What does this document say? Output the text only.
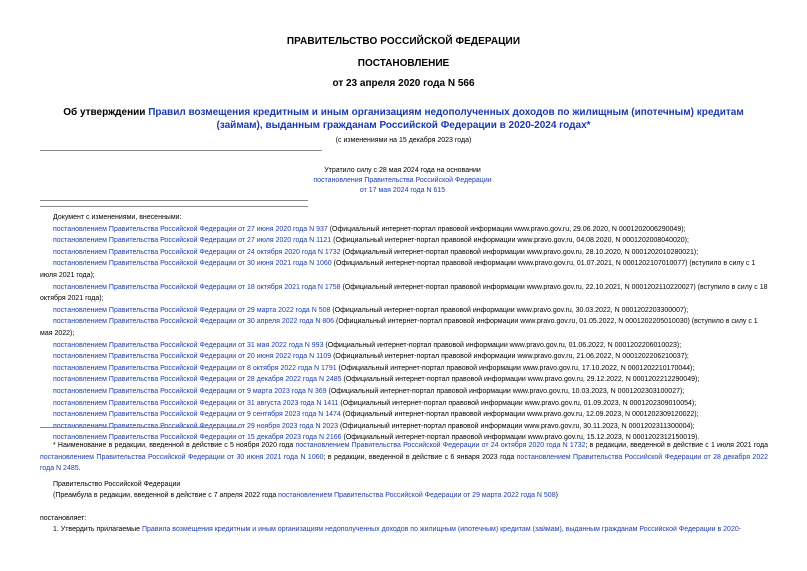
ПРАВИТЕЛЬСТВО РОССИЙСКОЙ ФЕДЕРАЦИИ
ПОСТАНОВЛЕНИЕ
от 23 апреля 2020 года N 566
Об утверждении Правил возмещения кредитным и иным организациям недополученных доходов по жилищным (ипотечным) кредитам (займам), выданным гражданам Российской Федерации в 2020-2024 годах*
(с изменениями на 15 декабря 2023 года)
Утратило силу с 28 мая 2024 года на основании
постановления Правительства Российской Федерации
от 17 мая 2024 года N 615
Документ с изменениями, внесенными:
постановлением Правительства Российской Федерации от 27 июня 2020 года N 937 (Официальный интернет-портал правовой информации www.pravo.gov.ru, 29.06.2020, N 0001202006290049);
постановлением Правительства Российской Федерации от 27 июля 2020 года N 1121 (Официальный интернет-портал правовой информации www.pravo.gov.ru, 04.08.2020, N 0001202008040020);
постановлением Правительства Российской Федерации от 24 октября 2020 года N 1732 (Официальный интернет-портал правовой информации www.pravo.gov.ru, 28.10.2020, N 0001202010280021);
постановлением Правительства Российской Федерации от 30 июня 2021 года N 1060 (Официальный интернет-портал правовой информации www.pravo.gov.ru, 01.07.2021, N 0001202107010077) (вступило в силу с 1 июля 2021 года);
постановлением Правительства Российской Федерации от 18 октября 2021 года N 1758 (Официальный интернет-портал правовой информации www.pravo.gov.ru, 22.10.2021, N 0001202110220027) (вступило в силу с 18 октября 2021 года);
постановлением Правительства Российской Федерации от 29 марта 2022 года N 508 (Официальный интернет-портал правовой информации www.pravo.gov.ru, 30.03.2022, N 0001202203300007);
постановлением Правительства Российской Федерации от 30 апреля 2022 года N 806 (Официальный интернет-портал правовой информации www.pravo.gov.ru, 01.05.2022, N 0001202205010030) (вступило в силу с 1 мая 2022);
постановлением Правительства Российской Федерации от 31 мая 2022 года N 993 (Официальный интернет-портал правовой информации www.pravo.gov.ru, 01.06.2022, N 0001202206010023);
постановлением Правительства Российской Федерации от 20 июня 2022 года N 1109 (Официальный интернет-портал правовой информации www.pravo.gov.ru, 21.06.2022, N 0001202206210037);
постановлением Правительства Российской Федерации от 8 октября 2022 года N 1791 (Официальный интернет-портал правовой информации www.pravo.gov.ru, 17.10.2022, N 0001202210170044);
постановлением Правительства Российской Федерации от 28 декабря 2022 года N 2485 (Официальный интернет-портал правовой информации www.pravo.gov.ru, 29.12.2022, N 0001202212290049);
постановлением Правительства Российской Федерации от 9 марта 2023 года N 369 (Официальный интернет-портал правовой информации www.pravo.gov.ru, 10.03.2023, N 0001202303100027);
постановлением Правительства Российской Федерации от 31 августа 2023 года N 1411 (Официальный интернет-портал правовой информации www.pravo.gov.ru, 01.09.2023, N 0001202309010054);
постановлением Правительства Российской Федерации от 9 сентября 2023 года N 1474 (Официальный интернет-портал правовой информации www.pravo.gov.ru, 12.09.2023, N 0001202309120022);
постановлением Правительства Российской Федерации от 29 ноября 2023 года N 2023 (Официальный интернет-портал правовой информации www.pravo.gov.ru, 30.11.2023, N 0001202311300004);
постановлением Правительства Российской Федерации от 15 декабря 2023 года N 2166 (Официальный интернет-портал правовой информации www.pravo.gov.ru, 15.12.2023, N 0001202312150019).
* Наименование в редакции, введенной в действие с 5 ноября 2020 года постановлением Правительства Российской Федерации от 24 октября 2020 года N 1732; в редакции, введенной в действие с 1 июля 2021 года постановлением Правительства Российской Федерации от 30 июня 2021 года N 1060; в редакции, введенной в действие с 6 января 2023 года постановлением Правительства Российской Федерации от 28 декабря 2022 года N 2485.
Правительство Российской Федерации
(Преамбула в редакции, введенной в действие с 7 апреля 2022 года постановлением Правительства Российской Федерации от 29 марта 2022 года N 508)
постановляет:
1. Утвердить прилагаемые Правила возмещения кредитным и иным организациям недополученных доходов по жилищным (ипотечным) кредитам (займам), выданным гражданам Российской Федерации в 2020-
